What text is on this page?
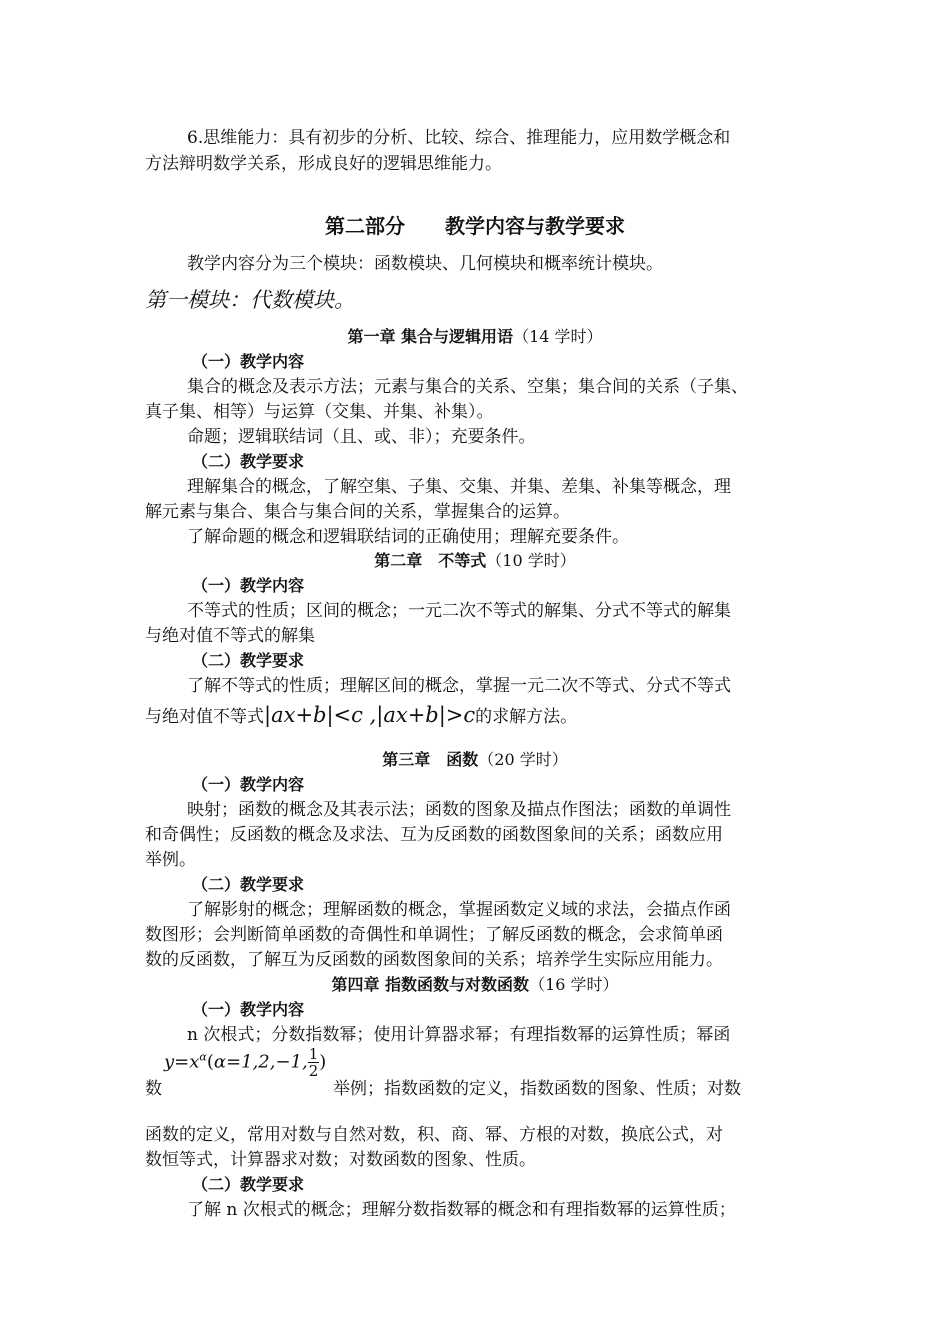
6.思维能力：具有初步的分析、比较、综合、推理能力，应用数学概念和
方法辩明数学关系，形成良好的逻辑思维能力。
第二部分 教学内容与教学要求
教学内容分为三个模块：函数模块、几何模块和概率统计模块。
第一模块：代数模块。
第一章 集合与逻辑用语（14 学时）
（一）教学内容
集合的概念及表示方法；元素与集合的关系、空集；集合间的关系（子集、
真子集、相等）与运算（交集、并集、补集）。
命题；逻辑联结词（且、或、非）；充要条件。
（二）教学要求
理解集合的概念，了解空集、子集、交集、并集、差集、补集等概念，理
解元素与集合、集合与集合间的关系，掌握集合的运算。
了解命题的概念和逻辑联结词的正确使用；理解充要条件。
第二章　不等式（10 学时）
（一）教学内容
不等式的性质；区间的概念；一元二次不等式的解集、分式不等式的解集
与绝对值不等式的解集
（二）教学要求
了解不等式的性质；理解区间的概念，掌握一元二次不等式、分式不等式
与绝对值不等式|ax+b|<c ,|ax+b|>c的求解方法。
第三章　函数（20 学时）
（一）教学内容
映射；函数的概念及其表示法；函数的图象及描点作图法；函数的单调性
和奇偶性；反函数的概念及求法、互为反函数的函数图象间的关系；函数应用
举例。
（二）教学要求
了解影射的概念；理解函数的概念，掌握函数定义域的求法，会描点作函
数图形；会判断简单函数的奇偶性和单调性；了解反函数的概念，会求简单函
数的反函数，了解互为反函数的函数图象间的关系；培养学生实际应用能力。
第四章 指数函数与对数函数（16 学时）
（一）教学内容
n 次根式；分数指数幂；使用计算器求幂；有理指数幂的运算性质；幂函
$y=x^\alpha(\alpha=1,2,-1$, $\frac{1}{2}$ )
数	举例；指数函数的定义，指数函数的图象、性质；对数
函数的定义，常用对数与自然对数，积、商、幂、方根的对数，换底公式，对
数恒等式，计算器求对数；对数函数的图象、性质。
（二）教学要求
了解 n 次根式的概念；理解分数指数幂的概念和有理指数幂的运算性质；
